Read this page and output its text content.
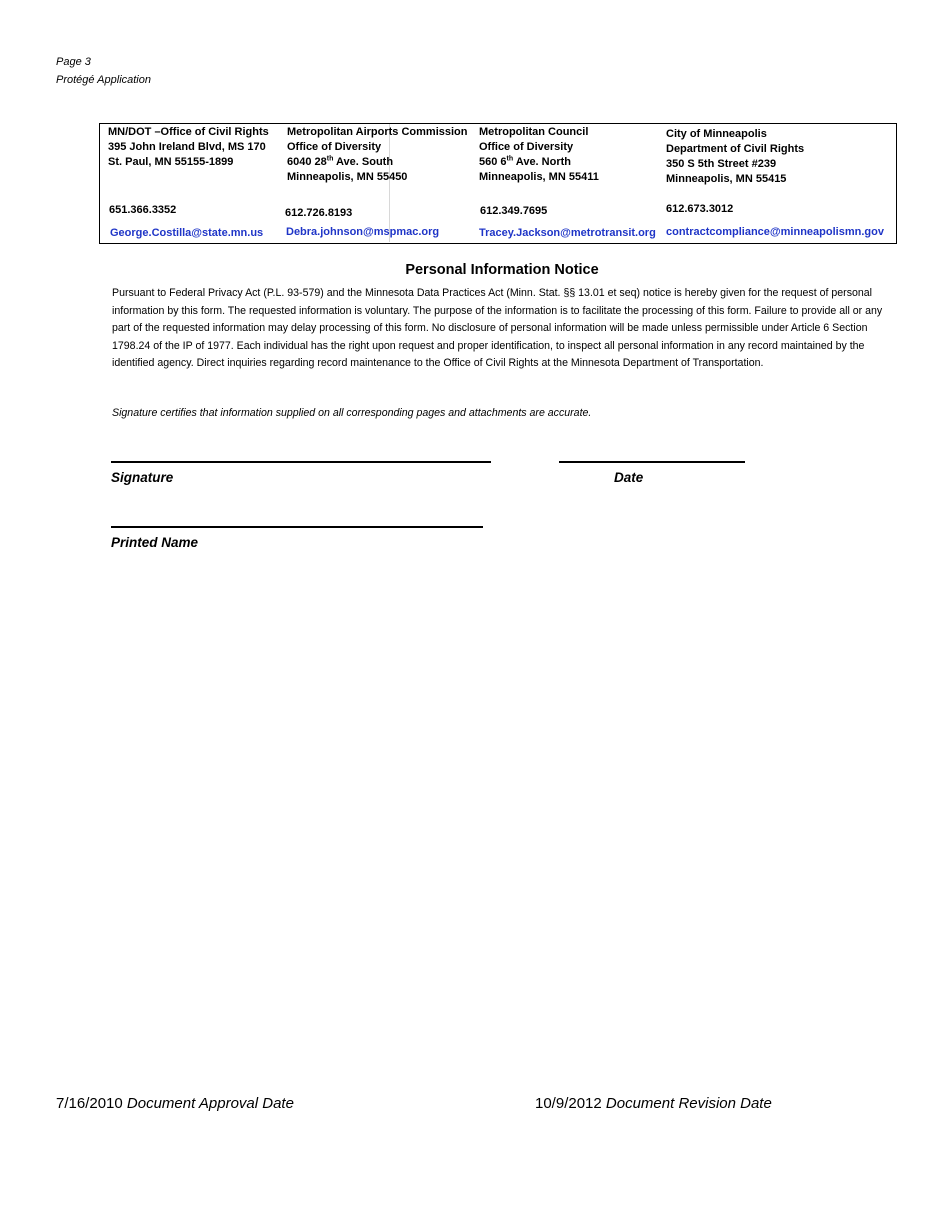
Page 3
Protégé Application
MN/DOT –Office of Civil Rights
395 John Ireland Blvd, MS 170
St. Paul, MN 55155-1899
651.366.3352
George.Costilla@state.mn.us
Metropolitan Airports Commission
Office of Diversity
6040 28th Ave. South
Minneapolis, MN 55450
612.726.8193
Debra.johnson@mspmac.org
Metropolitan Council
Office of Diversity
560 6th Ave. North
Minneapolis, MN 55411
612.349.7695
Tracey.Jackson@metrotransit.org
City of Minneapolis
Department of Civil Rights
350 S 5th Street #239
Minneapolis, MN 55415
612.673.3012
contractcompliance@minneapolismn.gov
Personal Information Notice
Pursuant to Federal Privacy Act (P.L. 93-579) and the Minnesota Data Practices Act (Minn. Stat. §§ 13.01 et seq) notice is hereby given for the request of personal information by this form. The requested information is voluntary. The purpose of the information is to facilitate the processing of this form. Failure to provide all or any part of the requested information may delay processing of this form. No disclosure of personal information will be made unless permissible under Article 6 Section 1798.24 of the IP of 1977. Each individual has the right upon request and proper identification, to inspect all personal information in any record maintained by the identified agency. Direct inquiries regarding record maintenance to the Office of Civil Rights at the Minnesota Department of Transportation.
Signature certifies that information supplied on all corresponding pages and attachments are accurate.
Signature	Date
Printed Name
7/16/2010 Document Approval Date	10/9/2012 Document Revision Date
